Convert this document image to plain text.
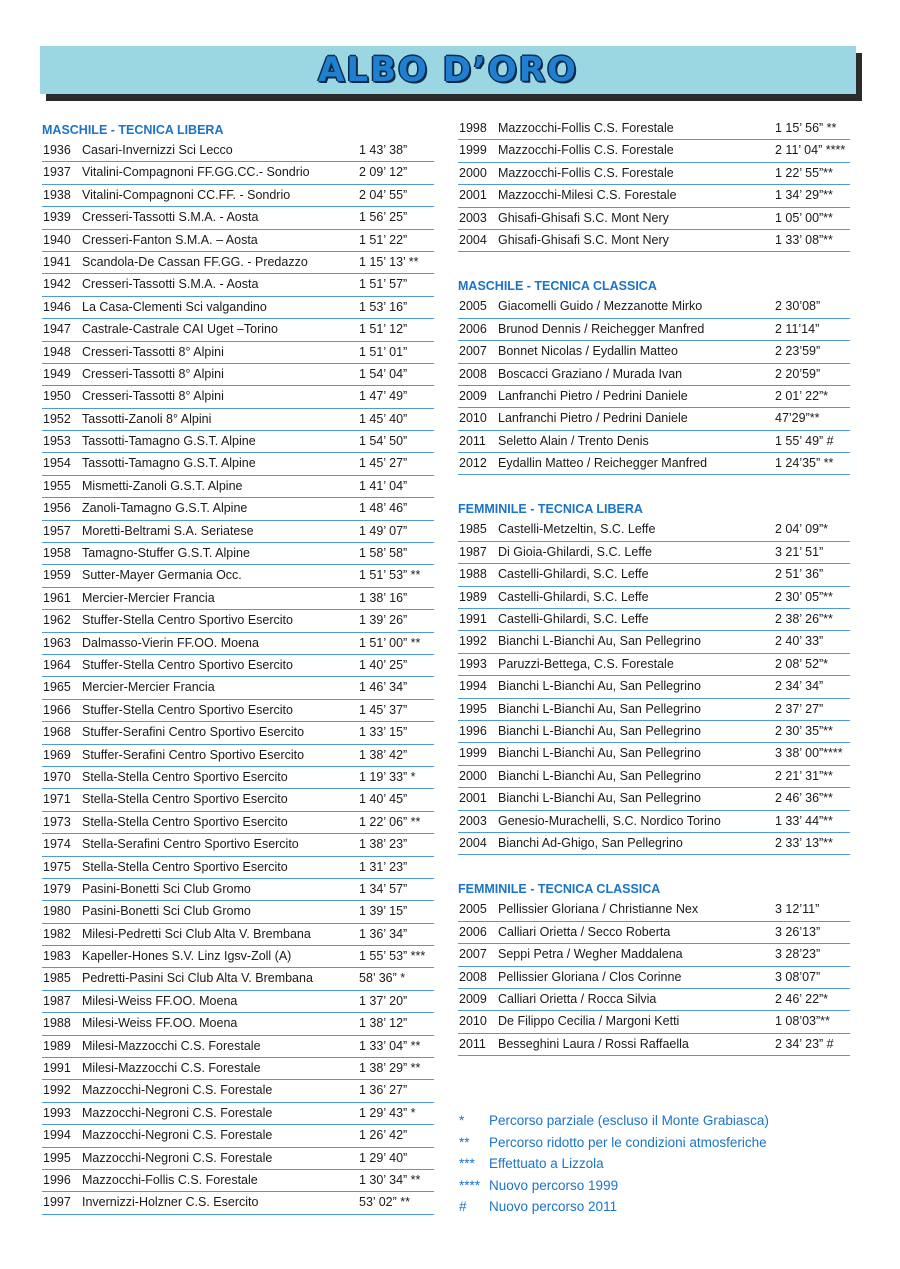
ALBO D’ORO
MASCHILE - TECNICA LIBERA
1936 Casari-Invernizzi Sci Lecco	1 43’ 38”
1937 Vitalini-Compagnoni FF.GG.CC.- Sondrio	2 09’ 12”
1938 Vitalini-Compagnoni CC.FF. - Sondrio	2 04’ 55”
1939 Cresseri-Tassotti S.M.A. - Aosta	1 56’ 25”
1940 Cresseri-Fanton S.M.A. – Aosta	1 51’ 22”
1941 Scandola-De Cassan FF.GG. - Predazzo	1 15’ 13’ **
1942 Cresseri-Tassotti S.M.A. - Aosta	1 51’ 57”
1946 La Casa-Clementi Sci valgandino	1 53’ 16”
1947 Castrale-Castrale CAI Uget –Torino	1 51’ 12”
1948 Cresseri-Tassotti 8° Alpini	1 51’ 01”
1949 Cresseri-Tassotti 8° Alpini	1 54’ 04”
1950 Cresseri-Tassotti 8° Alpini	1 47’ 49”
1952 Tassotti-Zanoli 8° Alpini	1 45’ 40”
1953 Tassotti-Tamagno G.S.T. Alpine	1 54’ 50”
1954 Tassotti-Tamagno G.S.T. Alpine	1 45’ 27”
1955 Mismetti-Zanoli G.S.T. Alpine	1 41’ 04”
1956 Zanoli-Tamagno G.S.T. Alpine	1 48’ 46”
1957 Moretti-Beltrami S.A. Seriatese	1 49’ 07”
1958 Tamagno-Stuffer G.S.T. Alpine	1 58’ 58”
1959 Sutter-Mayer Germania Occ.	1 51’ 53” **
1961 Mercier-Mercier Francia	1 38’ 16”
1962 Stuffer-Stella Centro Sportivo Esercito	1 39’ 26”
1963 Dalmasso-Vierin FF.OO. Moena	1 51’ 00” **
1964 Stuffer-Stella Centro Sportivo Esercito	1 40’ 25”
1965 Mercier-Mercier Francia	1 46’ 34”
1966 Stuffer-Stella Centro Sportivo Esercito	1 45’ 37”
1968 Stuffer-Serafini Centro Sportivo Esercito	1 33’ 15”
1969 Stuffer-Serafini Centro Sportivo Esercito	1 38’ 42”
1970 Stella-Stella Centro Sportivo Esercito	1 19’ 33” *
1971 Stella-Stella Centro Sportivo Esercito	1 40’ 45”
1973 Stella-Stella Centro Sportivo Esercito	1 22’ 06” **
1974 Stella-Serafini Centro Sportivo Esercito	1 38’ 23”
1975 Stella-Stella Centro Sportivo Esercito	1 31’ 23”
1979 Pasini-Bonetti Sci Club Gromo	1 34’ 57”
1980 Pasini-Bonetti Sci Club Gromo	1 39’ 15”
1982 Milesi-Pedretti Sci Club Alta V. Brembana	1 36’ 34”
1983 Kapeller-Hones S.V. Linz Igsv-Zoll (A)	1 55’ 53” ***
1985 Pedretti-Pasini Sci Club Alta V. Brembana	58’ 36” *
1987 Milesi-Weiss FF.OO. Moena	1 37’ 20”
1988 Milesi-Weiss FF.OO. Moena	1 38’ 12”
1989 Milesi-Mazzocchi C.S. Forestale	1 33’ 04” **
1991 Milesi-Mazzocchi C.S. Forestale	1 38’ 29” **
1992 Mazzocchi-Negroni C.S. Forestale	1 36’ 27”
1993 Mazzocchi-Negroni C.S. Forestale	1 29’ 43” *
1994 Mazzocchi-Negroni C.S. Forestale	1 26’ 42”
1995 Mazzocchi-Negroni C.S. Forestale	1 29’ 40”
1996 Mazzocchi-Follis C.S. Forestale	1 30’ 34” **
1997 Invernizzi-Holzner C.S. Esercito	53’ 02” **
1998 Mazzocchi-Follis C.S. Forestale	1 15’ 56” **
1999 Mazzocchi-Follis C.S. Forestale	2 11’ 04” ****
2000 Mazzocchi-Follis C.S. Forestale	1 22’ 55”**
2001 Mazzocchi-Milesi C.S. Forestale	1 34’ 29”**
2003 Ghisafi-Ghisafi S.C. Mont Nery	1 05’ 00”**
2004 Ghisafi-Ghisafi S.C. Mont Nery	1 33’ 08”**
MASCHILE - TECNICA CLASSICA
2005 Giacomelli Guido / Mezzanotte Mirko	2 30’08”
2006 Brunod Dennis / Reichegger Manfred	2 11’14”
2007 Bonnet Nicolas / Eydallin Matteo	2 23’59”
2008 Boscacci Graziano / Murada Ivan	2 20’59”
2009 Lanfranchi Pietro / Pedrini Daniele	2 01’ 22”*
2010 Lanfranchi Pietro / Pedrini Daniele	47’29”**
2011 Seletto Alain / Trento Denis	1 55’ 49” #
2012 Eydallin Matteo / Reichegger Manfred	1 24’35” **
FEMMINILE - TECNICA LIBERA
1985 Castelli-Metzeltin, S.C. Leffe	2 04’ 09”*
1987 Di Gioia-Ghilardi, S.C. Leffe	3 21’ 51”
1988 Castelli-Ghilardi, S.C. Leffe	2 51’ 36”
1989 Castelli-Ghilardi, S.C. Leffe	2 30’ 05”**
1991 Castelli-Ghilardi, S.C. Leffe	2 38’ 26”**
1992 Bianchi L-Bianchi Au, San Pellegrino	2 40’ 33”
1993 Paruzzi-Bettega, C.S. Forestale	2 08’ 52”*
1994 Bianchi L-Bianchi Au, San Pellegrino	2 34’ 34”
1995 Bianchi L-Bianchi Au, San Pellegrino	2 37’ 27”
1996 Bianchi L-Bianchi Au, San Pellegrino	2 30’ 35”**
1999 Bianchi L-Bianchi Au, San Pellegrino	3 38’ 00”****
2000 Bianchi L-Bianchi Au, San Pellegrino	2 21’ 31”**
2001 Bianchi L-Bianchi Au, San Pellegrino	2 46’ 36”**
2003 Genesio-Murachelli, S.C. Nordico Torino	1 33’ 44”**
2004 Bianchi Ad-Ghigo, San Pellegrino	2 33’ 13”**
FEMMINILE - TECNICA CLASSICA
2005 Pellissier Gloriana / Christianne Nex	3 12’11”
2006 Calliari Orietta / Secco Roberta	3 26’13”
2007 Seppi Petra / Wegher Maddalena	3 28’23”
2008 Pellissier Gloriana / Clos Corinne	3 08’07”
2009 Calliari Orietta / Rocca Silvia	2 46’ 22”*
2010 De Filippo Cecilia / Margoni Ketti	1 08’03”**
2011 Besseghini Laura / Rossi Raffaella	2 34’ 23” #
* Percorso parziale (escluso il Monte Grabiasca)
** Percorso ridotto per le condizioni atmosferiche
*** Effettuato a Lizzola
**** Nuovo percorso 1999
# Nuovo percorso 2011
